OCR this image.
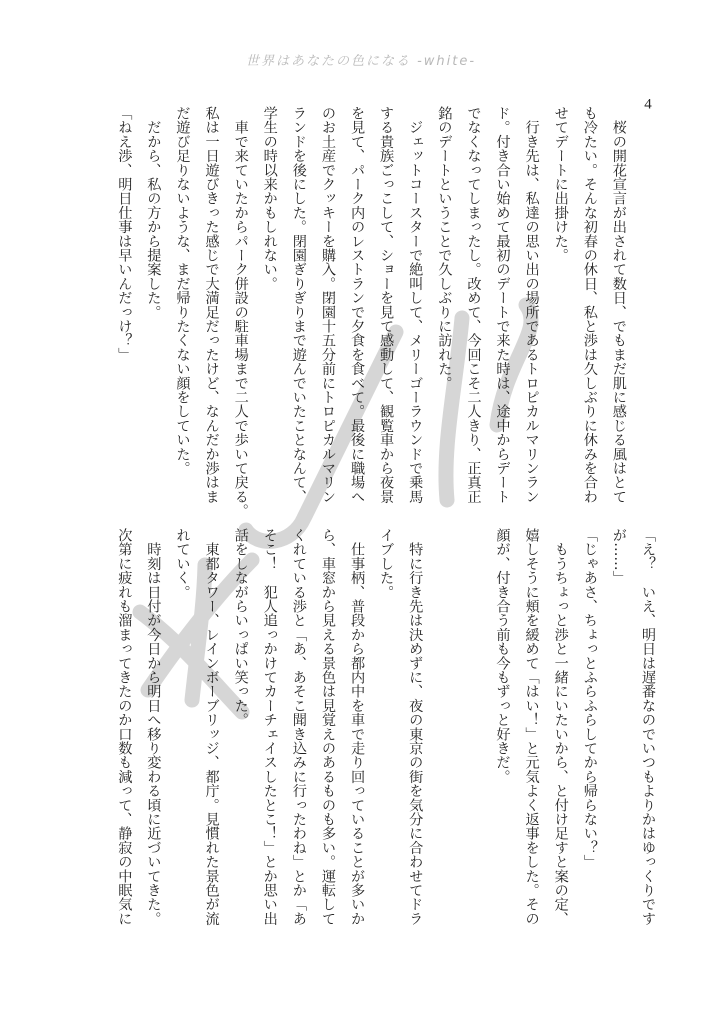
世界はあなたの色になる -white-
4
　桜の開花宣言が出されて数日、でもまだ肌に感じる風はとて
も冷たい。そんな初春の休日、私と渉は久しぶりに休みを合わ
せてデートに出掛けた。
　行き先は、私達の思い出の場所であるトロピカルマリンラン
ド。付き合い始めて最初のデートで来た時は、途中からデート
でなくなってしまったし。改めて、今回こそ二人きり、正真正
銘のデートということで久しぶりに訪れた。
　ジェットコースターで絶叫して、メリーゴーラウンドで乗馬
する貴族ごっこして、ショーを見て感動して、観覧車から夜景
を見て、パーク内のレストランで夕食を食べて。最後に職場へ
のお土産でクッキーを購入。閉園十五分前にトロピカルマリン
ランドを後にした。閉園ぎりぎりまで遊んでいたことなんて、
学生の時以来かもしれない。
　車で来ていたからパーク併設の駐車場まで二人で歩いて戻る。
私は一日遊びきった感じで大満足だったけど、なんだか渉はま
だ遊び足りないような、まだ帰りたくない顔をしていた。
　だから、私の方から提案した。
「ねえ渉、明日仕事は早いんだっけ？」
「え？　いえ、明日は遅番なのでいつもよりかはゆっくりです
が……」
「じゃあさ、ちょっとふらふらしてから帰らない？」
　もうちょっと渉と一緒にいたいから、と付け足すと案の定、
嬉しそうに頬を緩めて「はい！」と元気よく返事をした。その
顔が、付き合う前も今もずっと好きだ。
　特に行き先は決めずに、夜の東京の街を気分に合わせてドラ
イブした。
　仕事柄、普段から都内中を車で走り回っていることが多いか
ら、車窓から見える景色は見覚えのあるものも多い。運転して
くれている渉と「あ、あそこ聞き込みに行ったわね」とか「あ
そこ！　犯人追っかけてカーチェイスしたとこ！」とか思い出
話をしながらいっぱい笑った。
　東都タワー、レインボーブリッジ、都庁。見慣れた景色が流
れていく。
　時刻は日付が今日から明日へ移り変わる頃に近づいてきた。
次第に疲れも溜まってきたのか口数も減って、静寂の中眠気に
